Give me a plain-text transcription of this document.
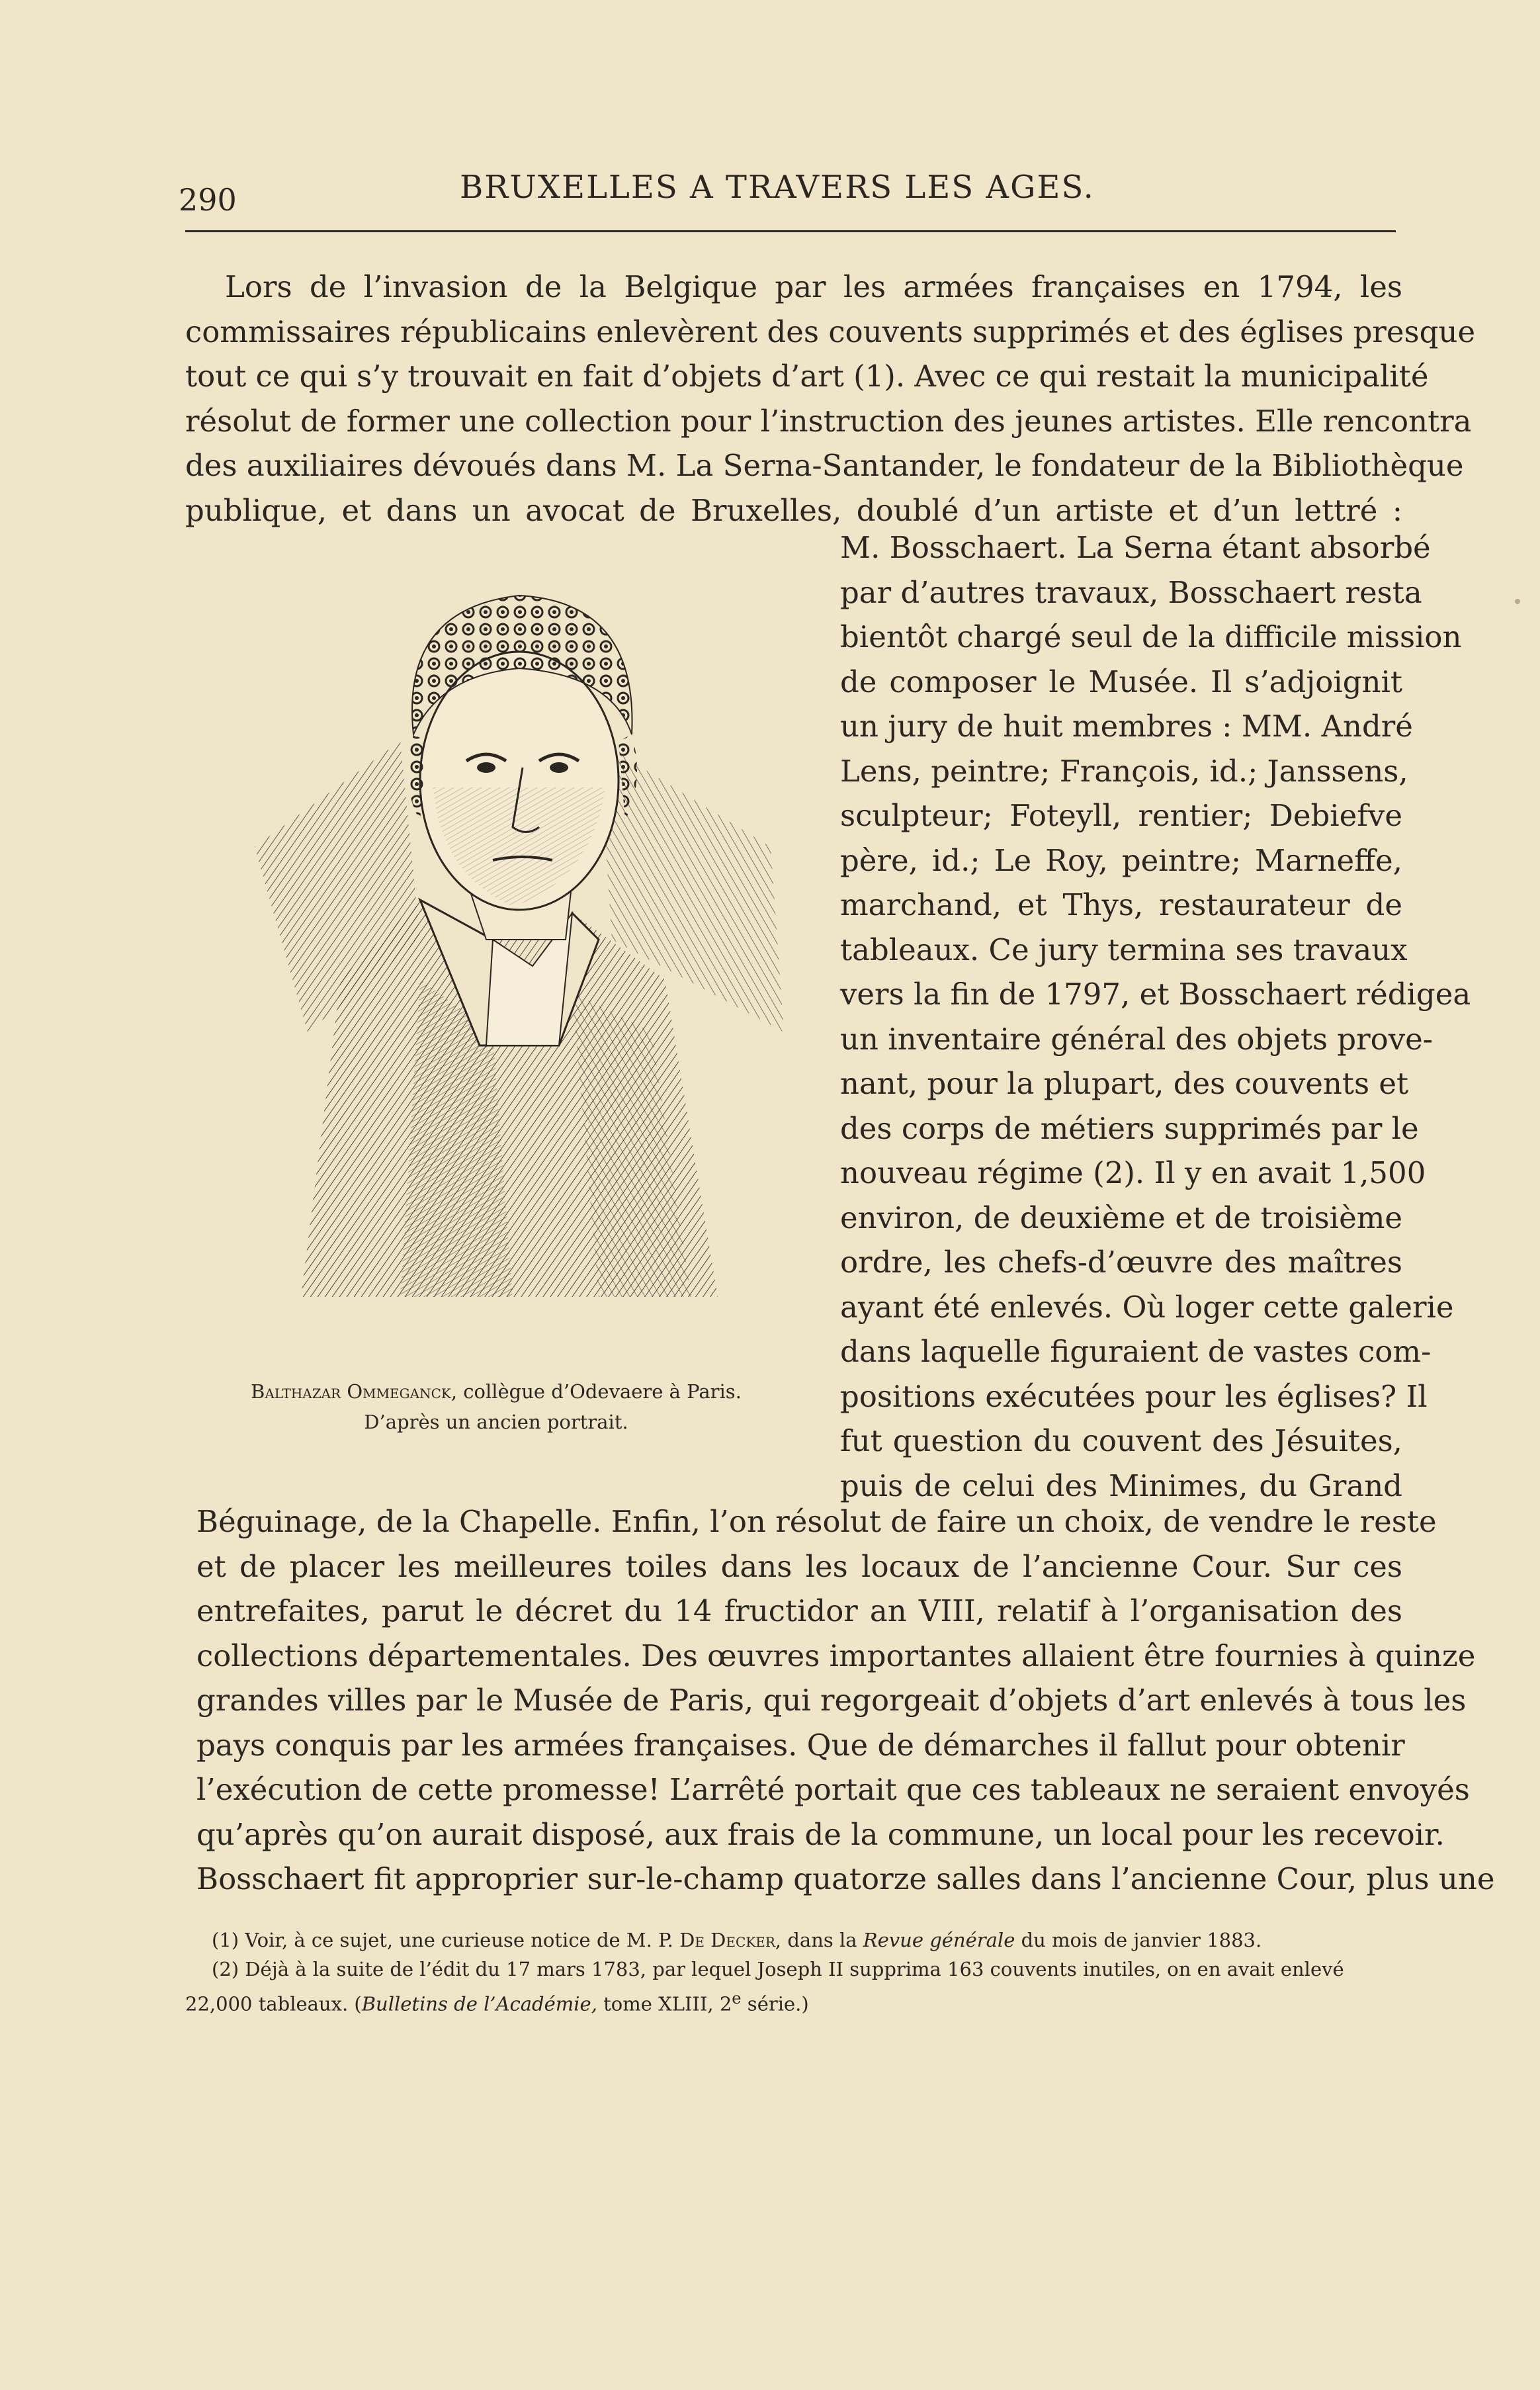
290	BRUXELLES A TRAVERS LES AGES.
Lors de l’invasion de la Belgique par les armées françaises en 1794, les
commissaires républicains enlevèrent des couvents supprimés et des églises presque
tout ce qui s’y trouvait en fait d’objets d’art (1). Avec ce qui restait la municipalité
résolut de former une collection pour l’instruction des jeunes artistes. Elle rencontra
des auxiliaires dévoués dans M. La Serna-Santander, le fondateur de la Bibliothèque
publique, et dans un avocat de Bruxelles, doublé d’un artiste et d’un lettré :
Balthazar Ommeganck, collègue d’Odevaere à Paris.
D’après un ancien portrait.
M. Bosschaert. La Serna étant absorbé
par d’autres travaux, Bosschaert resta
bientôt chargé seul de la difficile mission
de composer le Musée. Il s’adjoignit
un jury de huit membres : MM. André
Lens, peintre; François, id.; Janssens,
sculpteur; Foteyll, rentier; Debiefve
père, id.; Le Roy, peintre; Marneffe,
marchand, et Thys, restaurateur de
tableaux. Ce jury termina ses travaux
vers la fin de 1797, et Bosschaert rédigea
un inventaire général des objets prove-
nant, pour la plupart, des couvents et
des corps de métiers supprimés par le
nouveau régime (2). Il y en avait 1,500
environ, de deuxième et de troisième
ordre, les chefs-d’œuvre des maîtres
ayant été enlevés. Où loger cette galerie
dans laquelle figuraient de vastes com-
positions exécutées pour les églises? Il
fut question du couvent des Jésuites,
puis de celui des Minimes, du Grand
Béguinage, de la Chapelle. Enfin, l’on résolut de faire un choix, de vendre le reste
et de placer les meilleures toiles dans les locaux de l’ancienne Cour. Sur ces
entrefaites, parut le décret du 14 fructidor an VIII, relatif à l’organisation des
collections départementales. Des œuvres importantes allaient être fournies à quinze
grandes villes par le Musée de Paris, qui regorgeait d’objets d’art enlevés à tous les
pays conquis par les armées françaises. Que de démarches il fallut pour obtenir
l’exécution de cette promesse! L’arrêté portait que ces tableaux ne seraient envoyés
qu’après qu’on aurait disposé, aux frais de la commune, un local pour les recevoir.
Bosschaert fit approprier sur-le-champ quatorze salles dans l’ancienne Cour, plus une
(1) Voir, à ce sujet, une curieuse notice de M. P. De Decker, dans la Revue générale du mois de janvier 1883.
(2) Déjà à la suite de l’édit du 17 mars 1783, par lequel Joseph II supprima 163 couvents inutiles, on en avait enlevé
22,000 tableaux. (Bulletins de l’Académie, tome XLIII, 2e série.)
